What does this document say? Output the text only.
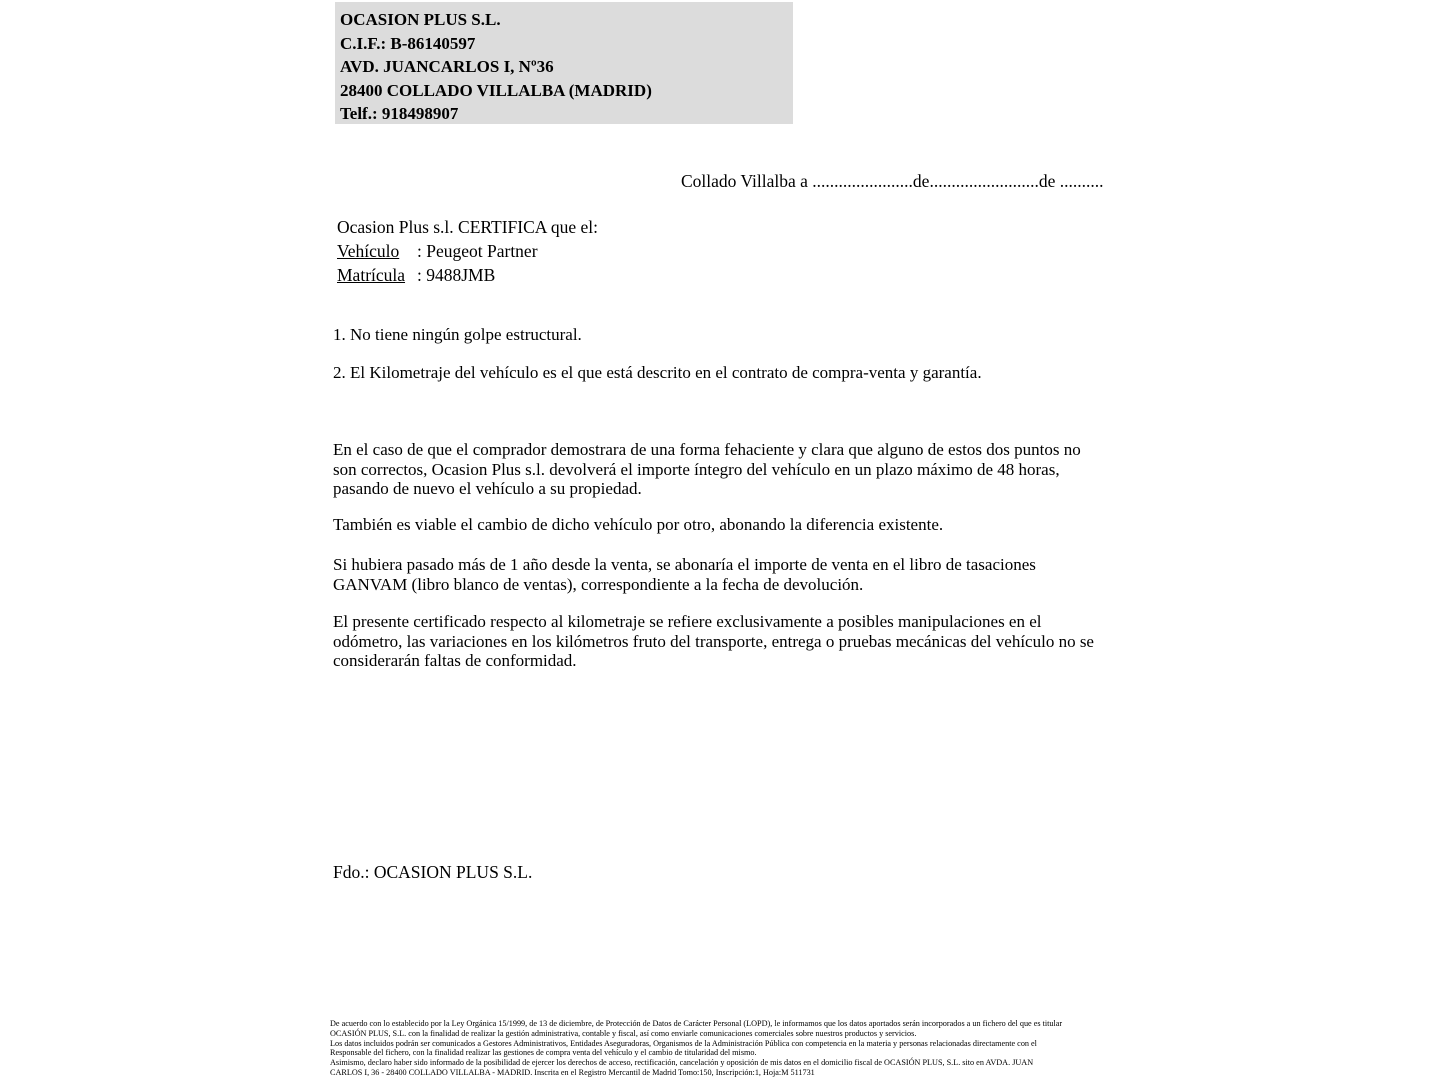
OCASION PLUS S.L.
C.I.F.: B-86140597
AVD. JUANCARLOS I, Nº36
28400 COLLADO VILLALBA (MADRID)
Telf.: 918498907
Collado Villalba a .......................de.........................de ..........
Ocasion Plus s.l. CERTIFICA que el:
Vehículo : Peugeot Partner
Matrícula : 9488JMB
1. No tiene ningún golpe estructural.
2. El Kilometraje del vehículo es el que está descrito en el contrato de compra-venta y garantía.
En el caso de que el comprador demostrara de una forma fehaciente y clara que alguno de estos dos puntos no son correctos, Ocasion Plus s.l. devolverá el importe íntegro del vehículo en un plazo máximo de 48 horas, pasando de nuevo el vehículo a su propiedad.
También es viable el cambio de dicho vehículo por otro, abonando la diferencia existente.
Si hubiera pasado más de 1 año desde la venta, se abonaría el importe de venta en el libro de tasaciones GANVAM (libro blanco de ventas), correspondiente a la fecha de devolución.
El presente certificado respecto al kilometraje se refiere exclusivamente a posibles manipulaciones en el odómetro, las variaciones en los kilómetros fruto del transporte, entrega o pruebas mecánicas del vehículo no se considerarán faltas de conformidad.
Fdo.: OCASION PLUS S.L.
De acuerdo con lo establecido por la Ley Orgánica 15/1999, de 13 de diciembre, de Protección de Datos de Carácter Personal (LOPD), le informamos que los datos aportados serán incorporados a un fichero del que es titular
OCASIÓN PLUS, S.L. con la finalidad de realizar la gestión administrativa, contable y fiscal, así como enviarle comunicaciones comerciales sobre nuestros productos y servicios.
Los datos incluidos podrán ser comunicados a Gestores Administrativos, Entidades Aseguradoras, Organismos de la Administración Pública con competencia en la materia y personas relacionadas directamente con el
Responsable del fichero, con la finalidad realizar las gestiones de compra venta del vehículo y el cambio de titularidad del mismo.
Asimismo, declaro haber sido informado de la posibilidad de ejercer los derechos de acceso, rectificación, cancelación y oposición de mis datos en el domicilio fiscal de OCASIÓN PLUS, S.L. sito en AVDA. JUAN
CARLOS I, 36 - 28400 COLLADO VILLALBA - MADRID. Inscrita en el Registro Mercantil de Madrid Tomo:150, Inscripción:1, Hoja:M 511731
